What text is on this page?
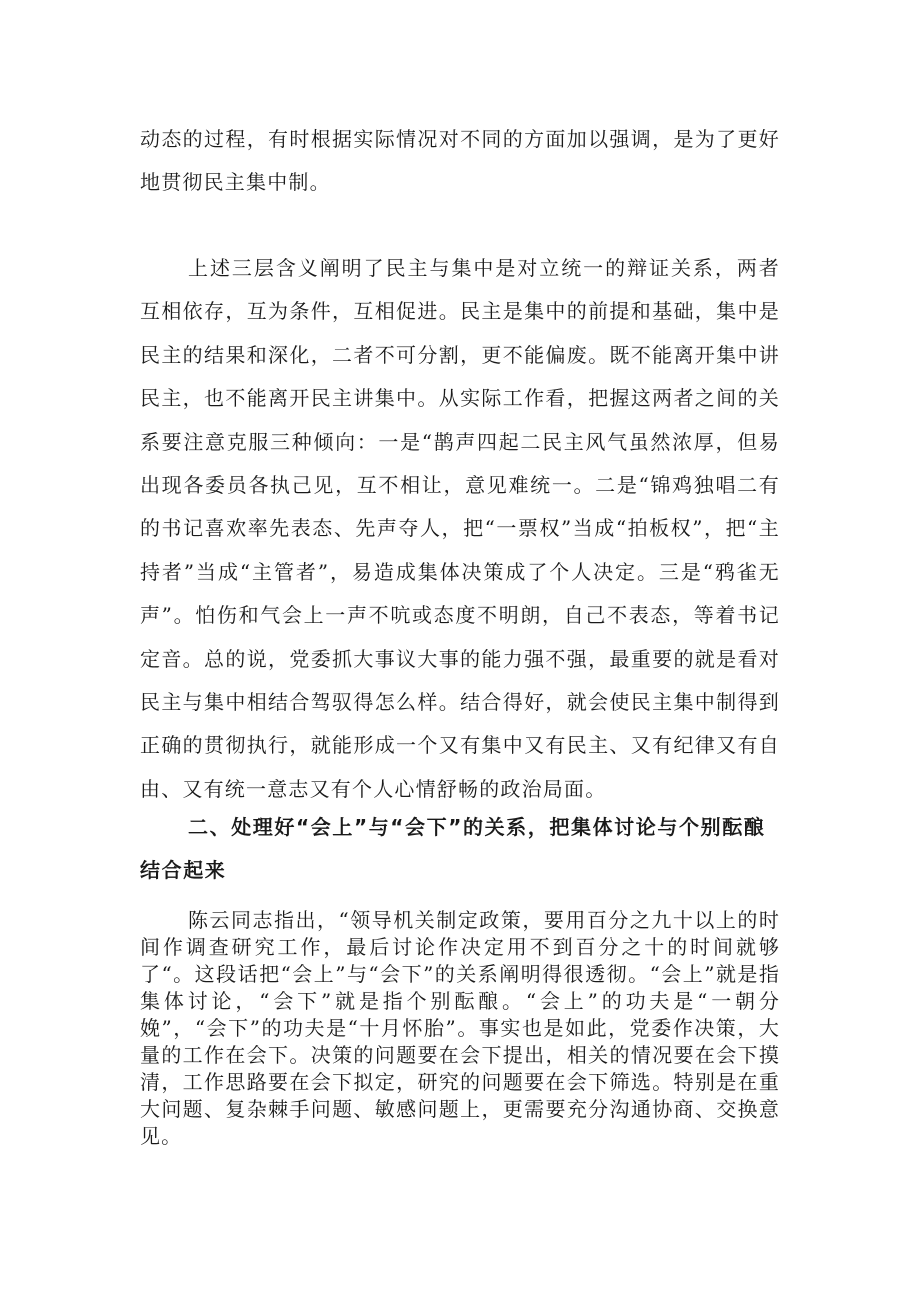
动态的过程，有时根据实际情况对不同的方面加以强调，是为了更好地贯彻民主集中制。

上述三层含义阐明了民主与集中是对立统一的辩证关系，两者互相依存，互为条件，互相促进。民主是集中的前提和基础，集中是民主的结果和深化，二者不可分割，更不能偏废。既不能离开集中讲民主，也不能离开民主讲集中。从实际工作看，把握这两者之间的关系要注意克服三种倾向：一是“鹊声四起二民主风气虽然浓厚，但易出现各委员各执己见，互不相让，意见难统一。二是“锦鸡独唱二有的书记喜欢率先表态、先声夺人，把“一票权”当成“拍板权”，把“主持者”当成“主管者”，易造成集体决策成了个人决定。三是“鸦雀无声”。怕伤和气会上一声不吭或态度不明朗，自己不表态，等着书记定音。总的说，党委抓大事议大事的能力强不强，最重要的就是看对民主与集中相结合驾驭得怎么样。结合得好，就会使民主集中制得到正确的贯彻执行，就能形成一个又有集中又有民主、又有纪律又有自由、又有统一意志又有个人心情舒畅的政治局面。

二、处理好“会上”与“会下”的关系，把集体讨论与个别酝酿结合起来

陈云同志指出，“领导机关制定政策，要用百分之九十以上的时间作调查研究工作，最后讨论作决定用不到百分之十的时间就够了“。这段话把“会上”与“会下”的关系阐明得很透彻。“会上”就是指集体讨论，“会下”就是指个别酝酿。“会上”的功夫是“一朝分娩”，“会下”的功夫是“十月怀胎”。事实也是如此，党委作决策，大量的工作在会下。决策的问题要在会下提出，相关的情况要在会下摸清，工作思路要在会下拟定，研究的问题要在会下筛选。特别是在重大问题、复杂棘手问题、敏感问题上，更需要充分沟通协商、交换意见。
